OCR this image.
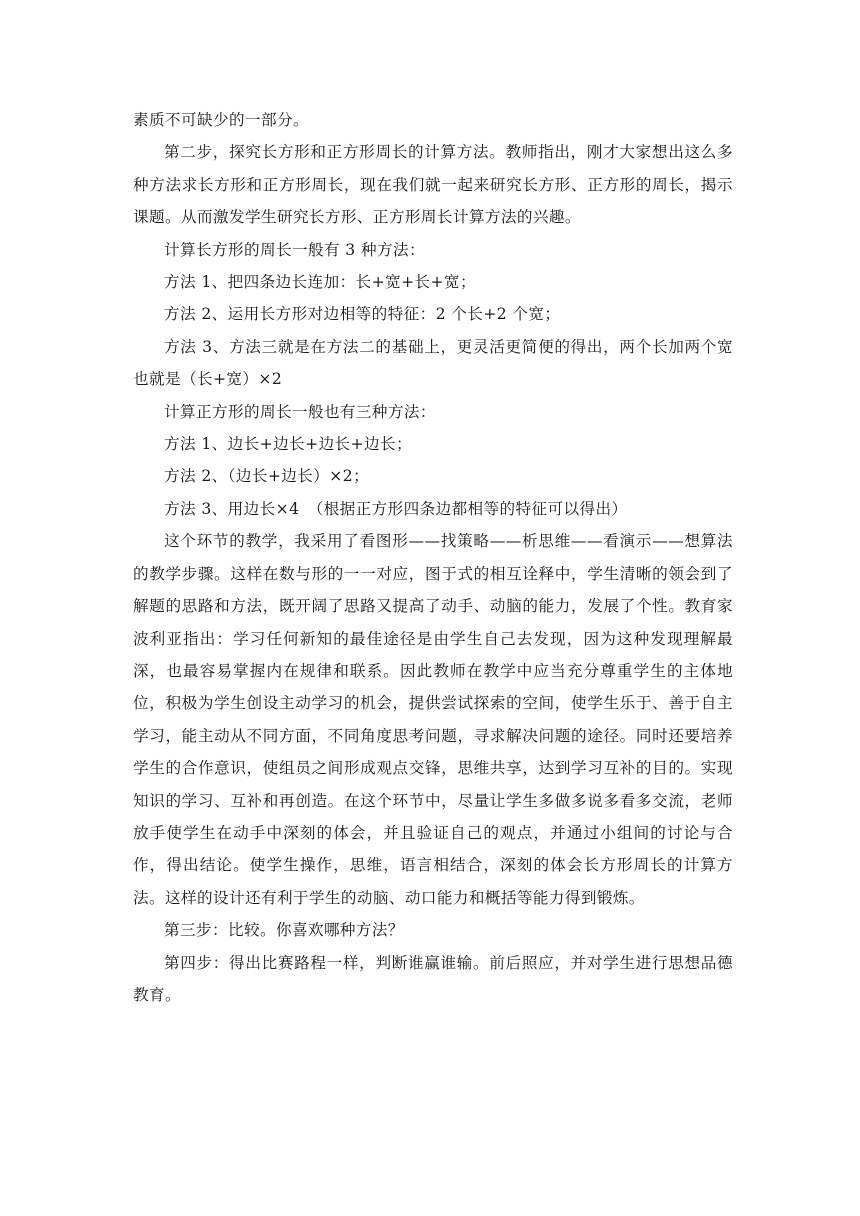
素质不可缺少的一部分。

第二步，探究长方形和正方形周长的计算方法。教师指出，刚才大家想出这么多种方法求长方形和正方形周长，现在我们就一起来研究长方形、正方形的周长，揭示课题。从而激发学生研究长方形、正方形周长计算方法的兴趣。

计算长方形的周长一般有 3 种方法：

方法 1、把四条边长连加：长+宽+长+宽；

方法 2、运用长方形对边相等的特征：2 个长+2 个宽；

方法 3、方法三就是在方法二的基础上，更灵活更简便的得出，两个长加两个宽也就是（长+宽）×2

计算正方形的周长一般也有三种方法：

方法 1、边长+边长+边长+边长；

方法 2、（边长+边长）×2；

方法 3、用边长×4　（根据正方形四条边都相等的特征可以得出）

这个环节的教学，我采用了看图形——找策略——析思维——看演示——想算法的教学步骤。这样在数与形的一一对应，图于式的相互诠释中，学生清晰的领会到了解题的思路和方法，既开阔了思路又提高了动手、动脑的能力，发展了个性。教育家波利亚指出：学习任何新知的最佳途径是由学生自己去发现，因为这种发现理解最深，也最容易掌握内在规律和联系。因此教师在教学中应当充分尊重学生的主体地位，积极为学生创设主动学习的机会，提供尝试探索的空间，使学生乐于、善于自主学习，能主动从不同方面，不同角度思考问题，寻求解决问题的途径。同时还要培养学生的合作意识，使组员之间形成观点交锋，思维共享，达到学习互补的目的。实现知识的学习、互补和再创造。在这个环节中，尽量让学生多做多说多看多交流，老师放手使学生在动手中深刻的体会，并且验证自己的观点，并通过小组间的讨论与合作，得出结论。使学生操作，思维，语言相结合，深刻的体会长方形周长的计算方法。这样的设计还有利于学生的动脑、动口能力和概括等能力得到锻炼。

第三步：比较。你喜欢哪种方法？

第四步：得出比赛路程一样，判断谁赢谁输。前后照应，并对学生进行思想品德教育。
